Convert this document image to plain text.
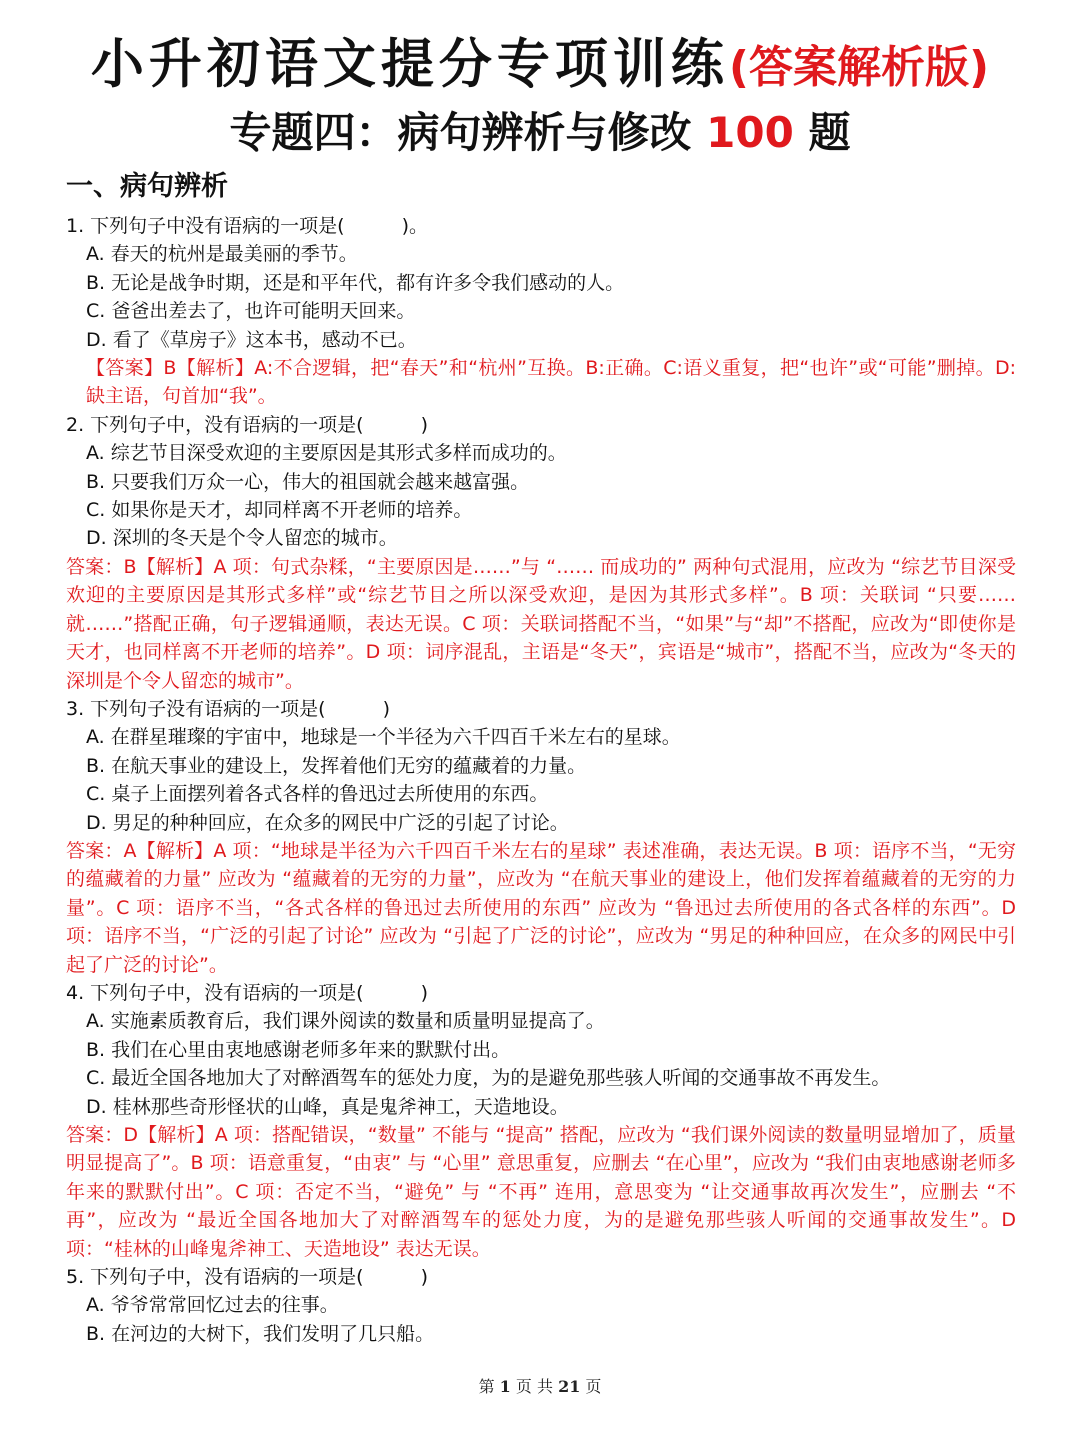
小升初语文提分专项训练(答案解析版)
专题四：病句辨析与修改 100 题
一、病句辨析
1. 下列句子中没有语病的一项是(　　　)。
A. 春天的杭州是最美丽的季节。
B. 无论是战争时期，还是和平年代，都有许多令我们感动的人。
C. 爸爸出差去了，也许可能明天回来。
D. 看了《草房子》这本书，感动不已。
【答案】B【解析】A:不合逻辑，把“春天”和“杭州”互换。B:正确。C:语义重复，把“也许”或“可能”删掉。D:缺主语，句首加“我”。
2. 下列句子中，没有语病的一项是(　　　)
A. 综艺节目深受欢迎的主要原因是其形式多样而成功的。
B. 只要我们万众一心，伟大的祖国就会越来越富强。
C. 如果你是天才，却同样离不开老师的培养。
D. 深圳的冬天是个令人留恋的城市。
答案：B【解析】A 项：句式杂糅，“主要原因是……”与 “…… 而成功的” 两种句式混用，应改为 “综艺节目深受欢迎的主要原因是其形式多样”或“综艺节目之所以深受欢迎，是因为其形式多样”。B 项：关联词 “只要…… 就……”搭配正确，句子逻辑通顺，表达无误。C 项：关联词搭配不当，“如果”与“却”不搭配，应改为“即使你是天才，也同样离不开老师的培养”。D 项：词序混乱，主语是“冬天”，宾语是“城市”，搭配不当，应改为“冬天的深圳是个令人留恋的城市”。
3. 下列句子没有语病的一项是(　　　)
A. 在群星璀璨的宇宙中，地球是一个半径为六千四百千米左右的星球。
B. 在航天事业的建设上，发挥着他们无穷的蕴藏着的力量。
C. 桌子上面摆列着各式各样的鲁迅过去所使用的东西。
D. 男足的种种回应，在众多的网民中广泛的引起了讨论。
答案：A【解析】A 项：“地球是半径为六千四百千米左右的星球” 表述准确，表达无误。B 项：语序不当，“无穷的蕴藏着的力量” 应改为 “蕴藏着的无穷的力量”，应改为 “在航天事业的建设上，他们发挥着蕴藏着的无穷的力量”。C 项：语序不当，“各式各样的鲁迅过去所使用的东西” 应改为 “鲁迅过去所使用的各式各样的东西”。D 项：语序不当，“广泛的引起了讨论” 应改为 “引起了广泛的讨论”，应改为 “男足的种种回应，在众多的网民中引起了广泛的讨论”。
4. 下列句子中，没有语病的一项是(　　　)
A. 实施素质教育后，我们课外阅读的数量和质量明显提高了。
B. 我们在心里由衷地感谢老师多年来的默默付出。
C. 最近全国各地加大了对醉酒驾车的惩处力度，为的是避免那些骇人听闻的交通事故不再发生。
D. 桂林那些奇形怪状的山峰，真是鬼斧神工，天造地设。
答案：D【解析】A 项：搭配错误，“数量” 不能与 “提高” 搭配，应改为 “我们课外阅读的数量明显增加了，质量明显提高了”。B 项：语意重复，“由衷” 与 “心里” 意思重复，应删去 “在心里”，应改为 “我们由衷地感谢老师多年来的默默付出”。C 项：否定不当，“避免” 与 “不再” 连用，意思变为 “让交通事故再次发生”，应删去 “不再”，应改为 “最近全国各地加大了对醉酒驾车的惩处力度，为的是避免那些骇人听闻的交通事故发生”。D 项：“桂林的山峰鬼斧神工、天造地设” 表达无误。
5. 下列句子中，没有语病的一项是(　　　)
A. 爷爷常常回忆过去的往事。
B. 在河边的大树下，我们发明了几只船。
第 1 页 共 21 页
